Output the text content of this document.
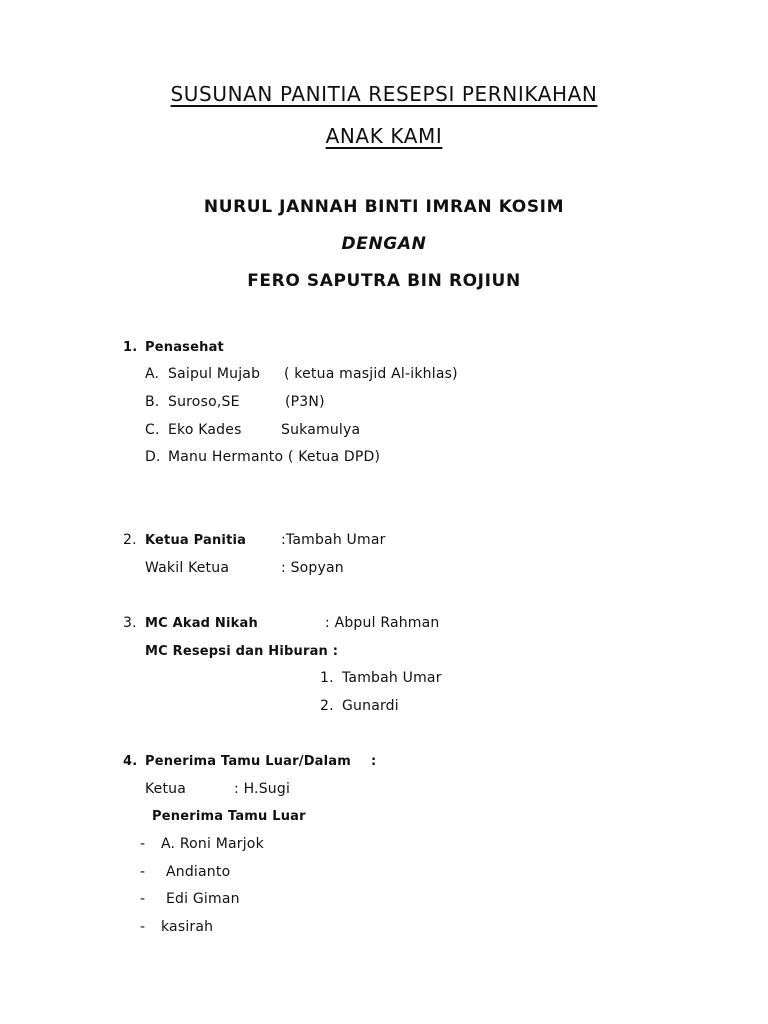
SUSUNAN PANITIA RESEPSI PERNIKAHAN
ANAK KAMI
NURUL JANNAH BINTI IMRAN KOSIM
DENGAN
FERO SAPUTRA BIN ROJIUN
1. Penasehat
A. Saipul Mujab ( ketua masjid Al-ikhlas)
B. Suroso,SE	(P3N)
C. Eko Kades	Sukamulya
D. Manu Hermanto ( Ketua DPD)
2. Ketua Panitia :Tambah Umar
Wakil Ketua	: Sopyan
3. MC Akad Nikah	: Abpul Rahman
MC Resepsi dan Hiburan :
1. Tambah Umar
2. Gunardi
4. Penerima Tamu Luar/Dalam :
Ketua	: H.Sugi
Penerima Tamu Luar
- A. Roni Marjok
- Andianto
- Edi Giman
- kasirah
